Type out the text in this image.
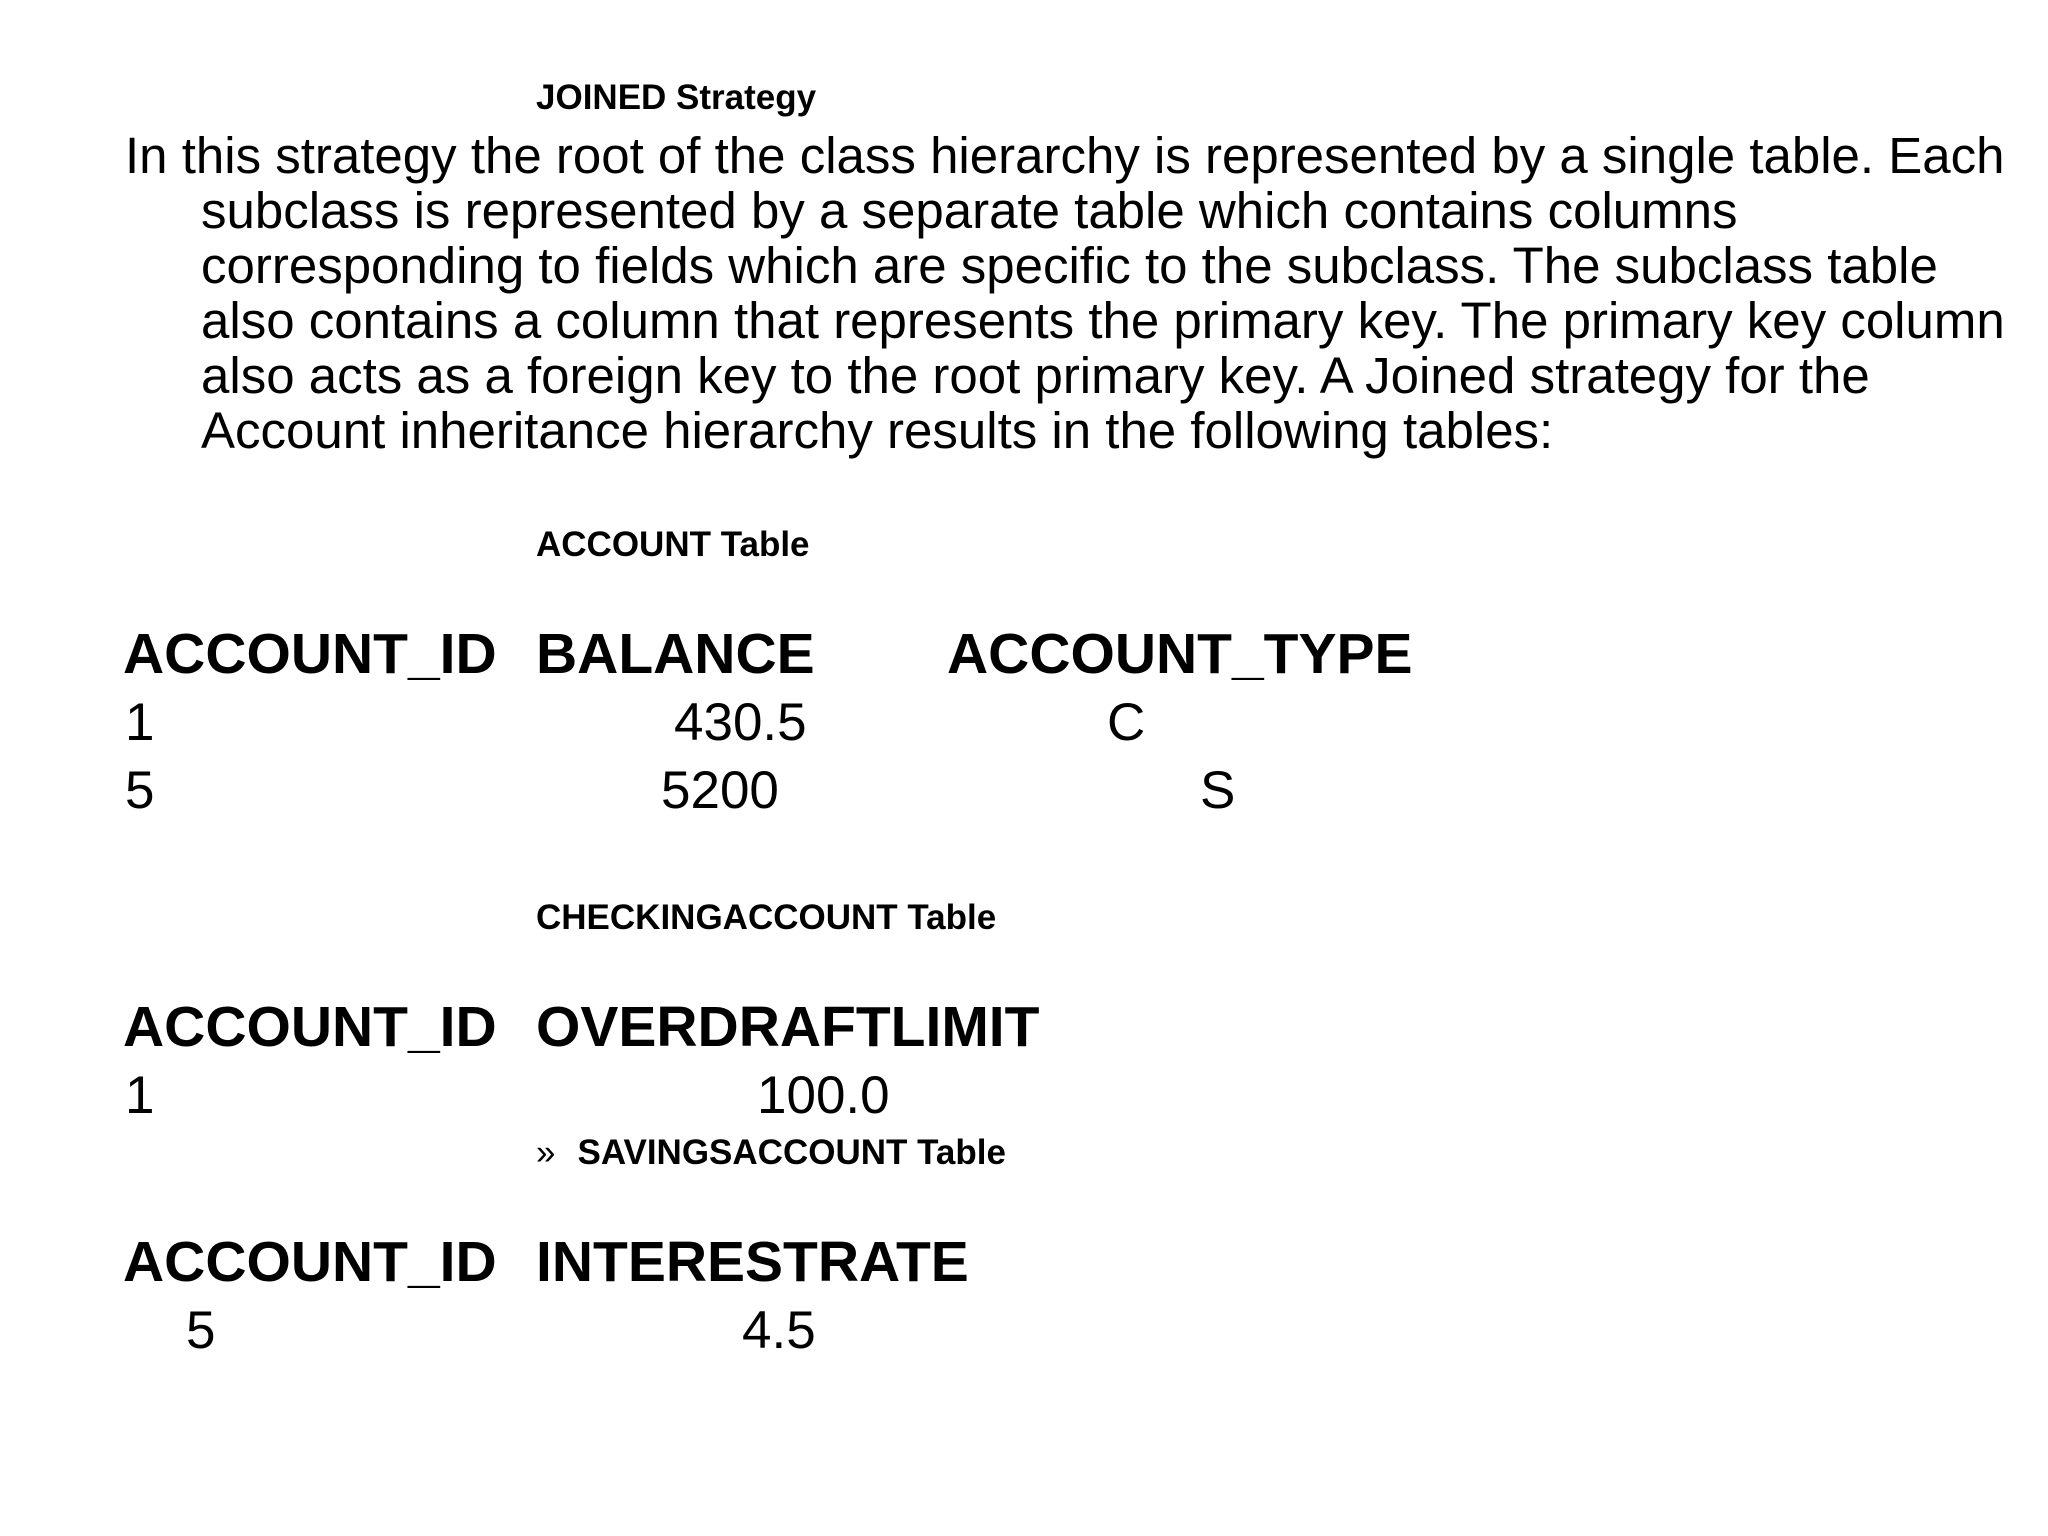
JOINED Strategy

In this strategy the root of the class hierarchy is represented by a single table. Each subclass is represented by a separate table which contains columns corresponding to fields which are specific to the subclass. The subclass table also contains a column that represents the primary key. The primary key column also acts as a foreign key to the root primary key. A Joined strategy for the Account inheritance hierarchy results in the following tables:

ACCOUNT Table
ACCOUNT_ID BALANCE ACCOUNT_TYPE
1	430.5	C
5	5200	S
CHECKINGACCOUNT Table
ACCOUNT_ID OVERDRAFTLIMIT
1	100.0
» SAVINGSACCOUNT Table
ACCOUNT_ID INTERESTRATE
5	4.5
